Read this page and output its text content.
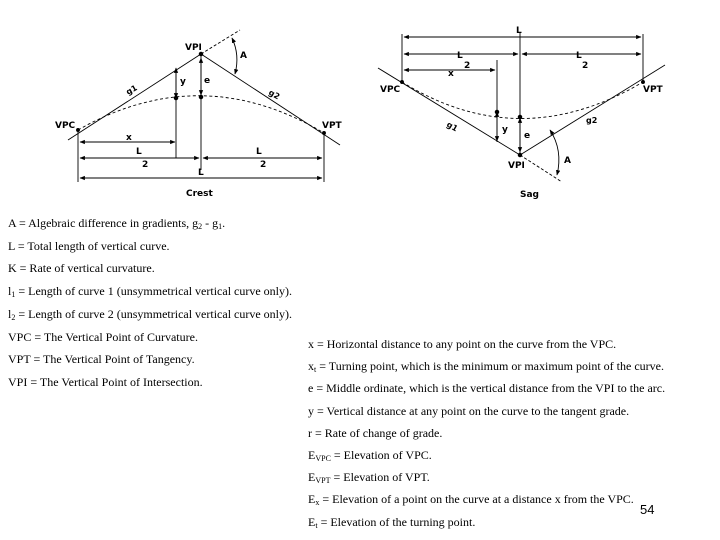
VPI
A
y e
g1	g2
VPC	VPT
x
L
2
L
2
L
Crest
L
L
2
L
2
x
VPC	VPT
g1	g2
y
e
A
VPI
Sag
A = Algebraic difference in gradients, $g_2 - g_1$.
L = Total length of vertical curve.
K = Rate of vertical curvature.
$l_1$ = Length of curve 1 (unsymmetrical vertical curve only).
$l_2$ = Length of curve 2 (unsymmetrical vertical curve only).
VPC = The Vertical Point of Curvature.
VPT = The Vertical Point of Tangency.
VPI = The Vertical Point of Intersection.
x = Horizontal distance to any point on the curve from the VPC.
$x_t$ = Turning point, which is the minimum or maximum point of the curve.
e = Middle ordinate, which is the vertical distance from the VPI to the arc.
y = Vertical distance at any point on the curve to the tangent grade.
r = Rate of change of grade.
$E_{VPC}$ = Elevation of VPC.
$E_{VPT}$ = Elevation of VPT.
$E_x$ = Elevation of a point on the curve at a distance x from the VPC.
$E_t$ = Elevation of the turning point.
54
